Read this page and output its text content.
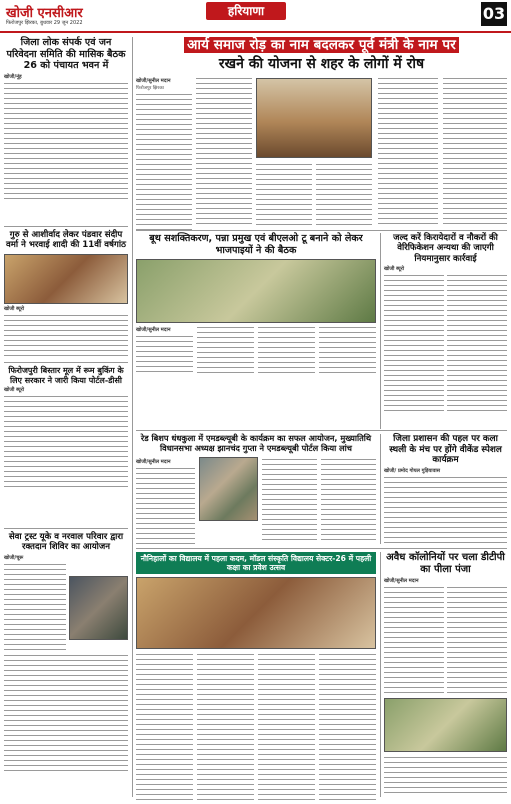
खोजी एनसीआर
फिरोजपुर झिरका, बुधवार 29 जून 2022
हरियाणा	03
जिला लोक संपर्क एवं जन परिवेदना समिति की मासिक बैठक 26 को पंचायत भवन में
खोजी/नूंह
आर्य समाज रोड़ का नाम बदलकर पूर्व मंत्री के नाम पर
रखने की योजना से शहर के लोगों में रोष
खोजी/सुनील मदान
फिरोजपुर झिरका
गुरु से आशीर्वाद लेकर पंडवार संदीप वर्मा ने भरवाई शादी की 11वीं वर्षगांठ
खोजी ब्यूरो
फिरोजपुरी बिस्तार मूल में रूम बुकिंग के लिए सरकार ने जारी किया पोर्टल-डीसी
खोजी ब्यूरो
सेवा ट्रस्ट यूके व नरवाल परिवार द्वारा रक्तदान शिविर का आयोजन
खोजी/चूरू
बूथ सशक्तिकरण, पन्ना प्रमुख एवं बीएलओ टू बनाने को लेकर भाजपाइयों ने की बैठक
खोजी/सुनील मदान
जल्द करें किरायेदारों व नौकरों की वेरिफिकेशन अन्यथा की जाएगी नियमानुसार कार्रवाई
खोजी ब्यूरो
रेड बिशप धंधकुला में एमडब्ल्यूबी के कार्यक्रम का सफल आयोजन, मुख्यातिथि विधानसभा अध्यक्ष झानचंद गुप्ता ने एमडब्ल्यूबी पोर्टल किया लांच
खोजी/सुनील मदान
जिला प्रशासन की पहल पर कला स्थली के मंच पर होंगे वीकेंड स्पेशल कार्यक्रम
खोजी/ प्रमोद गोयल गुड़ियावास
नौनिहालों का विद्यालय में पहला कदम, मॉडल संस्कृति विद्यालय सेक्टर-26 में पहली कक्षा का प्रवेश उत्सव
अवैध कॉलोनियों पर चला डीटीपी का पीला पंजा
खोजी/सुनील मदान
